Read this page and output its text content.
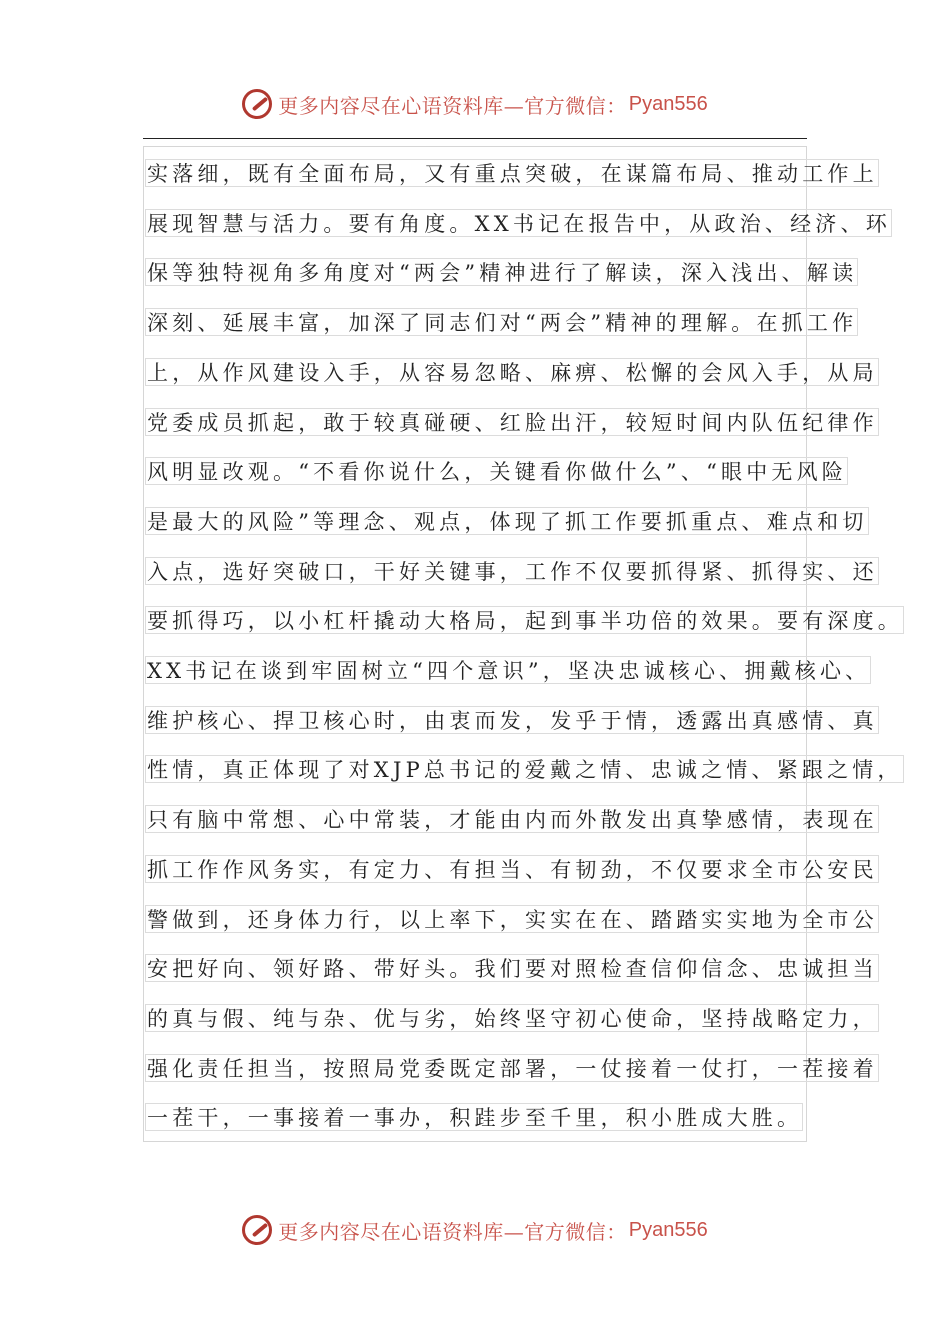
更多内容尽在心语资料库—官方微信： Pyan556
实落细，既有全面布局，又有重点突破，在谋篇布局、推动工作上
展现智慧与活力。要有角度。XX书记在报告中，从政治、经济、环
保等独特视角多角度对“两会”精神进行了解读，深入浅出、解读
深刻、延展丰富，加深了同志们对“两会”精神的理解。在抓工作
上，从作风建设入手，从容易忽略、麻痹、松懈的会风入手，从局
党委成员抓起，敢于较真碰硬、红脸出汗，较短时间内队伍纪律作
风明显改观。“不看你说什么，关键看你做什么”、“眼中无风险
是最大的风险”等理念、观点，体现了抓工作要抓重点、难点和切
入点，选好突破口，干好关键事，工作不仅要抓得紧、抓得实、还
要抓得巧，以小杠杆撬动大格局，起到事半功倍的效果。要有深度。
XX书记在谈到牢固树立“四个意识”，坚决忠诚核心、拥戴核心、
维护核心、捍卫核心时，由衷而发，发乎于情，透露出真感情、真
性情，真正体现了对XJP总书记的爱戴之情、忠诚之情、紧跟之情，
只有脑中常想、心中常装，才能由内而外散发出真挚感情，表现在
抓工作作风务实，有定力、有担当、有韧劲，不仅要求全市公安民
警做到，还身体力行，以上率下，实实在在、踏踏实实地为全市公
安把好向、领好路、带好头。我们要对照检查信仰信念、忠诚担当
的真与假、纯与杂、优与劣，始终坚守初心使命，坚持战略定力，
强化责任担当，按照局党委既定部署，一仗接着一仗打，一茬接着
一茬干，一事接着一事办，积跬步至千里，积小胜成大胜。
更多内容尽在心语资料库—官方微信： Pyan556
